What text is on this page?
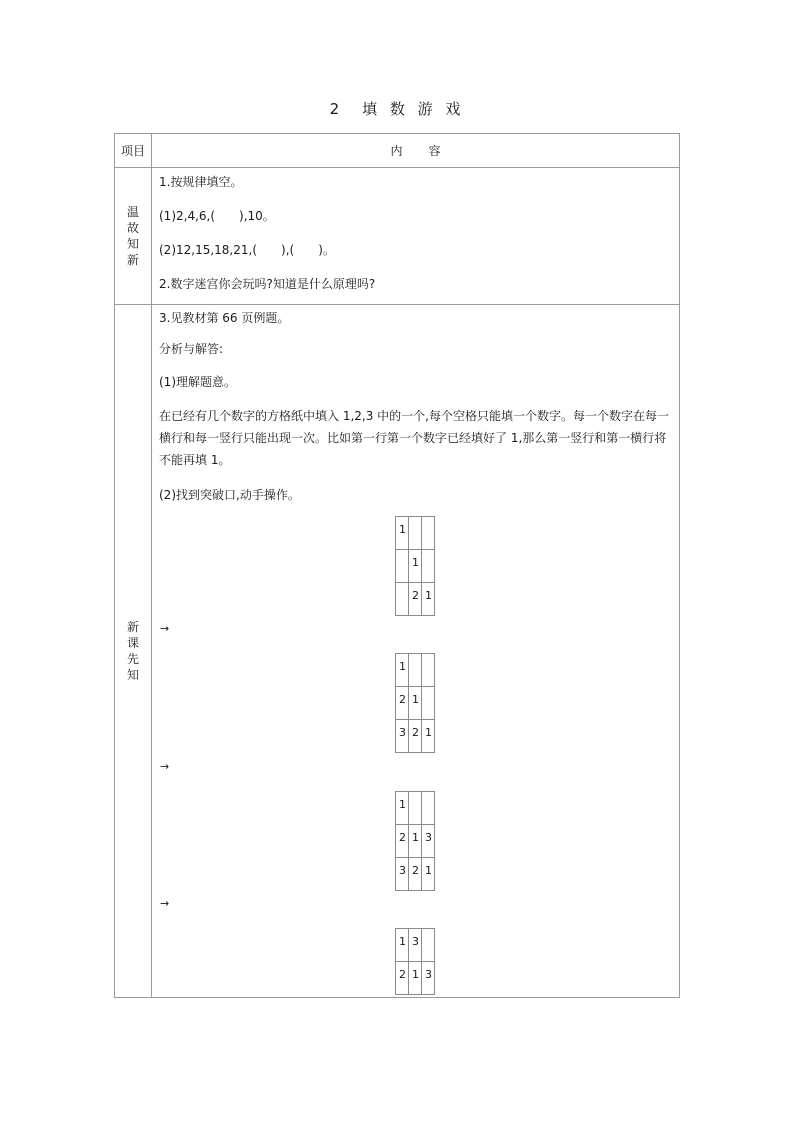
2　填 数 游 戏
项目	内容

温
故
知
新

1.按规律填空。
(1)2,4,6,(　　),10。
(2)12,15,18,21,(　　),(　　)。
2.数字迷宫你会玩吗?知道是什么原理吗?

新
课
先
知

3.见教材第 66 页例题。
分析与解答:
(1)理解题意。
在已经有几个数字的方格纸中填入 1,2,3 中的一个,每个空格只能填一个数字。每一个数字在每一横行和每一竖行只能出现一次。比如第一行第一个数字已经填好了 1,那么第一竖行和第一横行将不能再填 1。
(2)找到突破口,动手操作。
1		
	1	
	2	1
→
1		
2	1	
3	2	1
→
1		
2	1	3
3	2	1
→
1	3	
2	1	3
